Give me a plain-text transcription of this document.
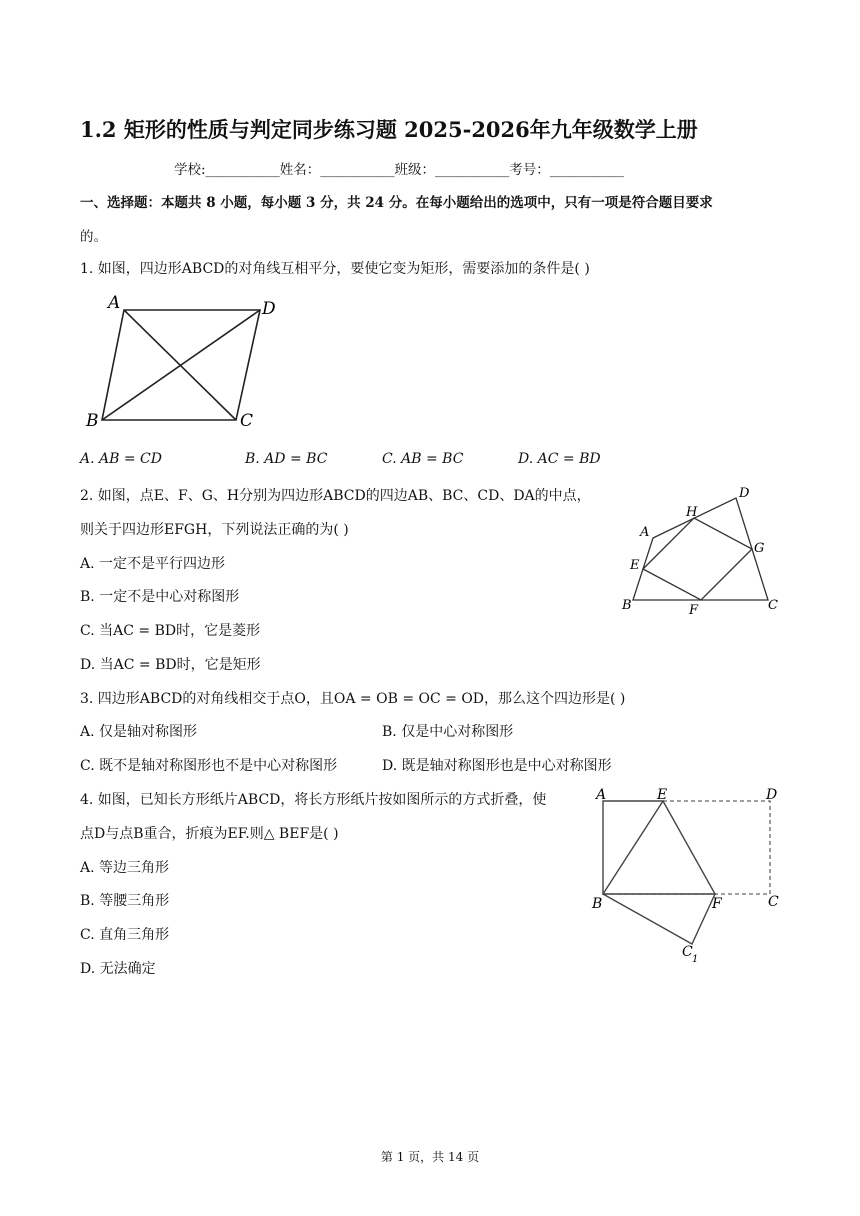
1.2 矩形的性质与判定同步练习题 2025-2026年九年级数学上册
学校:___________姓名：___________班级：___________考号：___________
一、选择题：本题共 8 小题，每小题 3 分，共 24 分。在每小题给出的选项中，只有一项是符合题目要求
的。
1. 如图，四边形ABCD的对角线互相平分，要使它变为矩形，需要添加的条件是( )
A	D
B	C
A. AB = CD	B. AD = BC	C. AB = BC	D. AC = BD
2. 如图，点E、F、G、H分别为四边形ABCD的四边AB、BC、CD、DA的中点，
则关于四边形EFGH，下列说法正确的为( )
A. 一定不是平行四边形
B. 一定不是中心对称图形
C. 当AC = BD时，它是菱形
D. 当AC = BD时，它是矩形
D
H
A
G
E
B	F	C
3. 四边形ABCD的对角线相交于点O，且OA = OB = OC = OD，那么这个四边形是( )
A. 仅是轴对称图形	B. 仅是中心对称图形
C. 既不是轴对称图形也不是中心对称图形	D. 既是轴对称图形也是中心对称图形
4. 如图，已知长方形纸片ABCD，将长方形纸片按如图所示的方式折叠，使
点D与点B重合，折痕为EF.则△ BEF是( )
A. 等边三角形
B. 等腰三角形
C. 直角三角形
D. 无法确定
A	E	D
B	F	C
C 1
第 1 页，共 14 页
